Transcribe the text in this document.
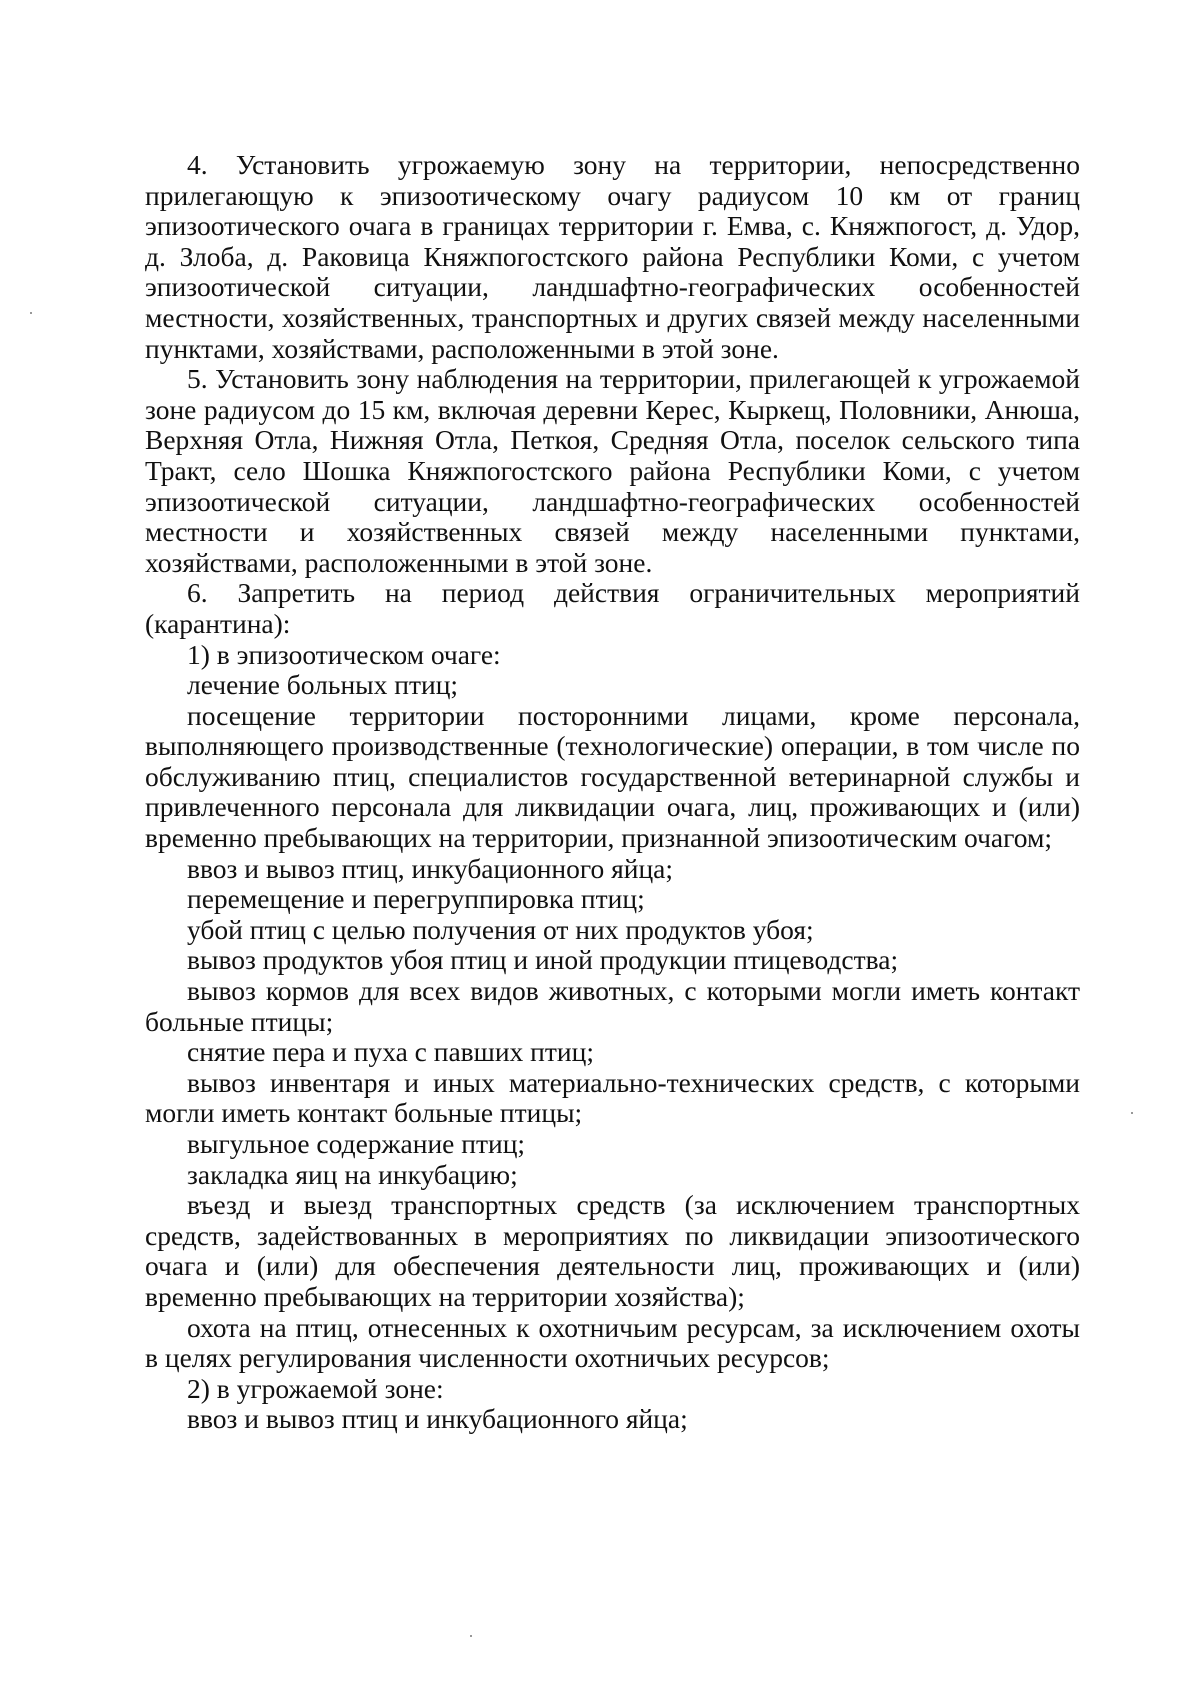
4. Установить угрожаемую зону на территории, непосредственно прилегающую к эпизоотическому очагу радиусом 10 км от границ эпизоотического очага в границах территории г. Емва, с. Княжпогост, д. Удор, д. Злоба, д. Раковица Княжпогостского района Республики Коми, с учетом эпизоотической ситуации, ландшафтно-географических особенностей местности, хозяйственных, транспортных и других связей между населенными пунктами, хозяйствами, расположенными в этой зоне.

5. Установить зону наблюдения на территории, прилегающей к угрожаемой зоне радиусом до 15 км, включая деревни Керес, Кыркещ, Половники, Анюша, Верхняя Отла, Нижняя Отла, Петкоя, Средняя Отла, поселок сельского типа Тракт, село Шошка Княжпогостского района Республики Коми, с учетом эпизоотической ситуации, ландшафтно-географических особенностей местности и хозяйственных связей между населенными пунктами, хозяйствами, расположенными в этой зоне.

6. Запретить на период действия ограничительных мероприятий (карантина):

1) в эпизоотическом очаге:

лечение больных птиц;

посещение территории посторонними лицами, кроме персонала, выполняющего производственные (технологические) операции, в том числе по обслуживанию птиц, специалистов государственной ветеринарной службы и привлеченного персонала для ликвидации очага, лиц, проживающих и (или) временно пребывающих на территории, признанной эпизоотическим очагом;

ввоз и вывоз птиц, инкубационного яйца;

перемещение и перегруппировка птиц;

убой птиц с целью получения от них продуктов убоя;

вывоз продуктов убоя птиц и иной продукции птицеводства;

вывоз кормов для всех видов животных, с которыми могли иметь контакт больные птицы;

снятие пера и пуха с павших птиц;

вывоз инвентаря и иных материально-технических средств, с которыми могли иметь контакт больные птицы;

выгульное содержание птиц;

закладка яиц на инкубацию;

въезд и выезд транспортных средств (за исключением транспортных средств, задействованных в мероприятиях по ликвидации эпизоотического очага и (или) для обеспечения деятельности лиц, проживающих и (или) временно пребывающих на территории хозяйства);

охота на птиц, отнесенных к охотничьим ресурсам, за исключением охоты в целях регулирования численности охотничьих ресурсов;

2) в угрожаемой зоне:

ввоз и вывоз птиц и инкубационного яйца;
